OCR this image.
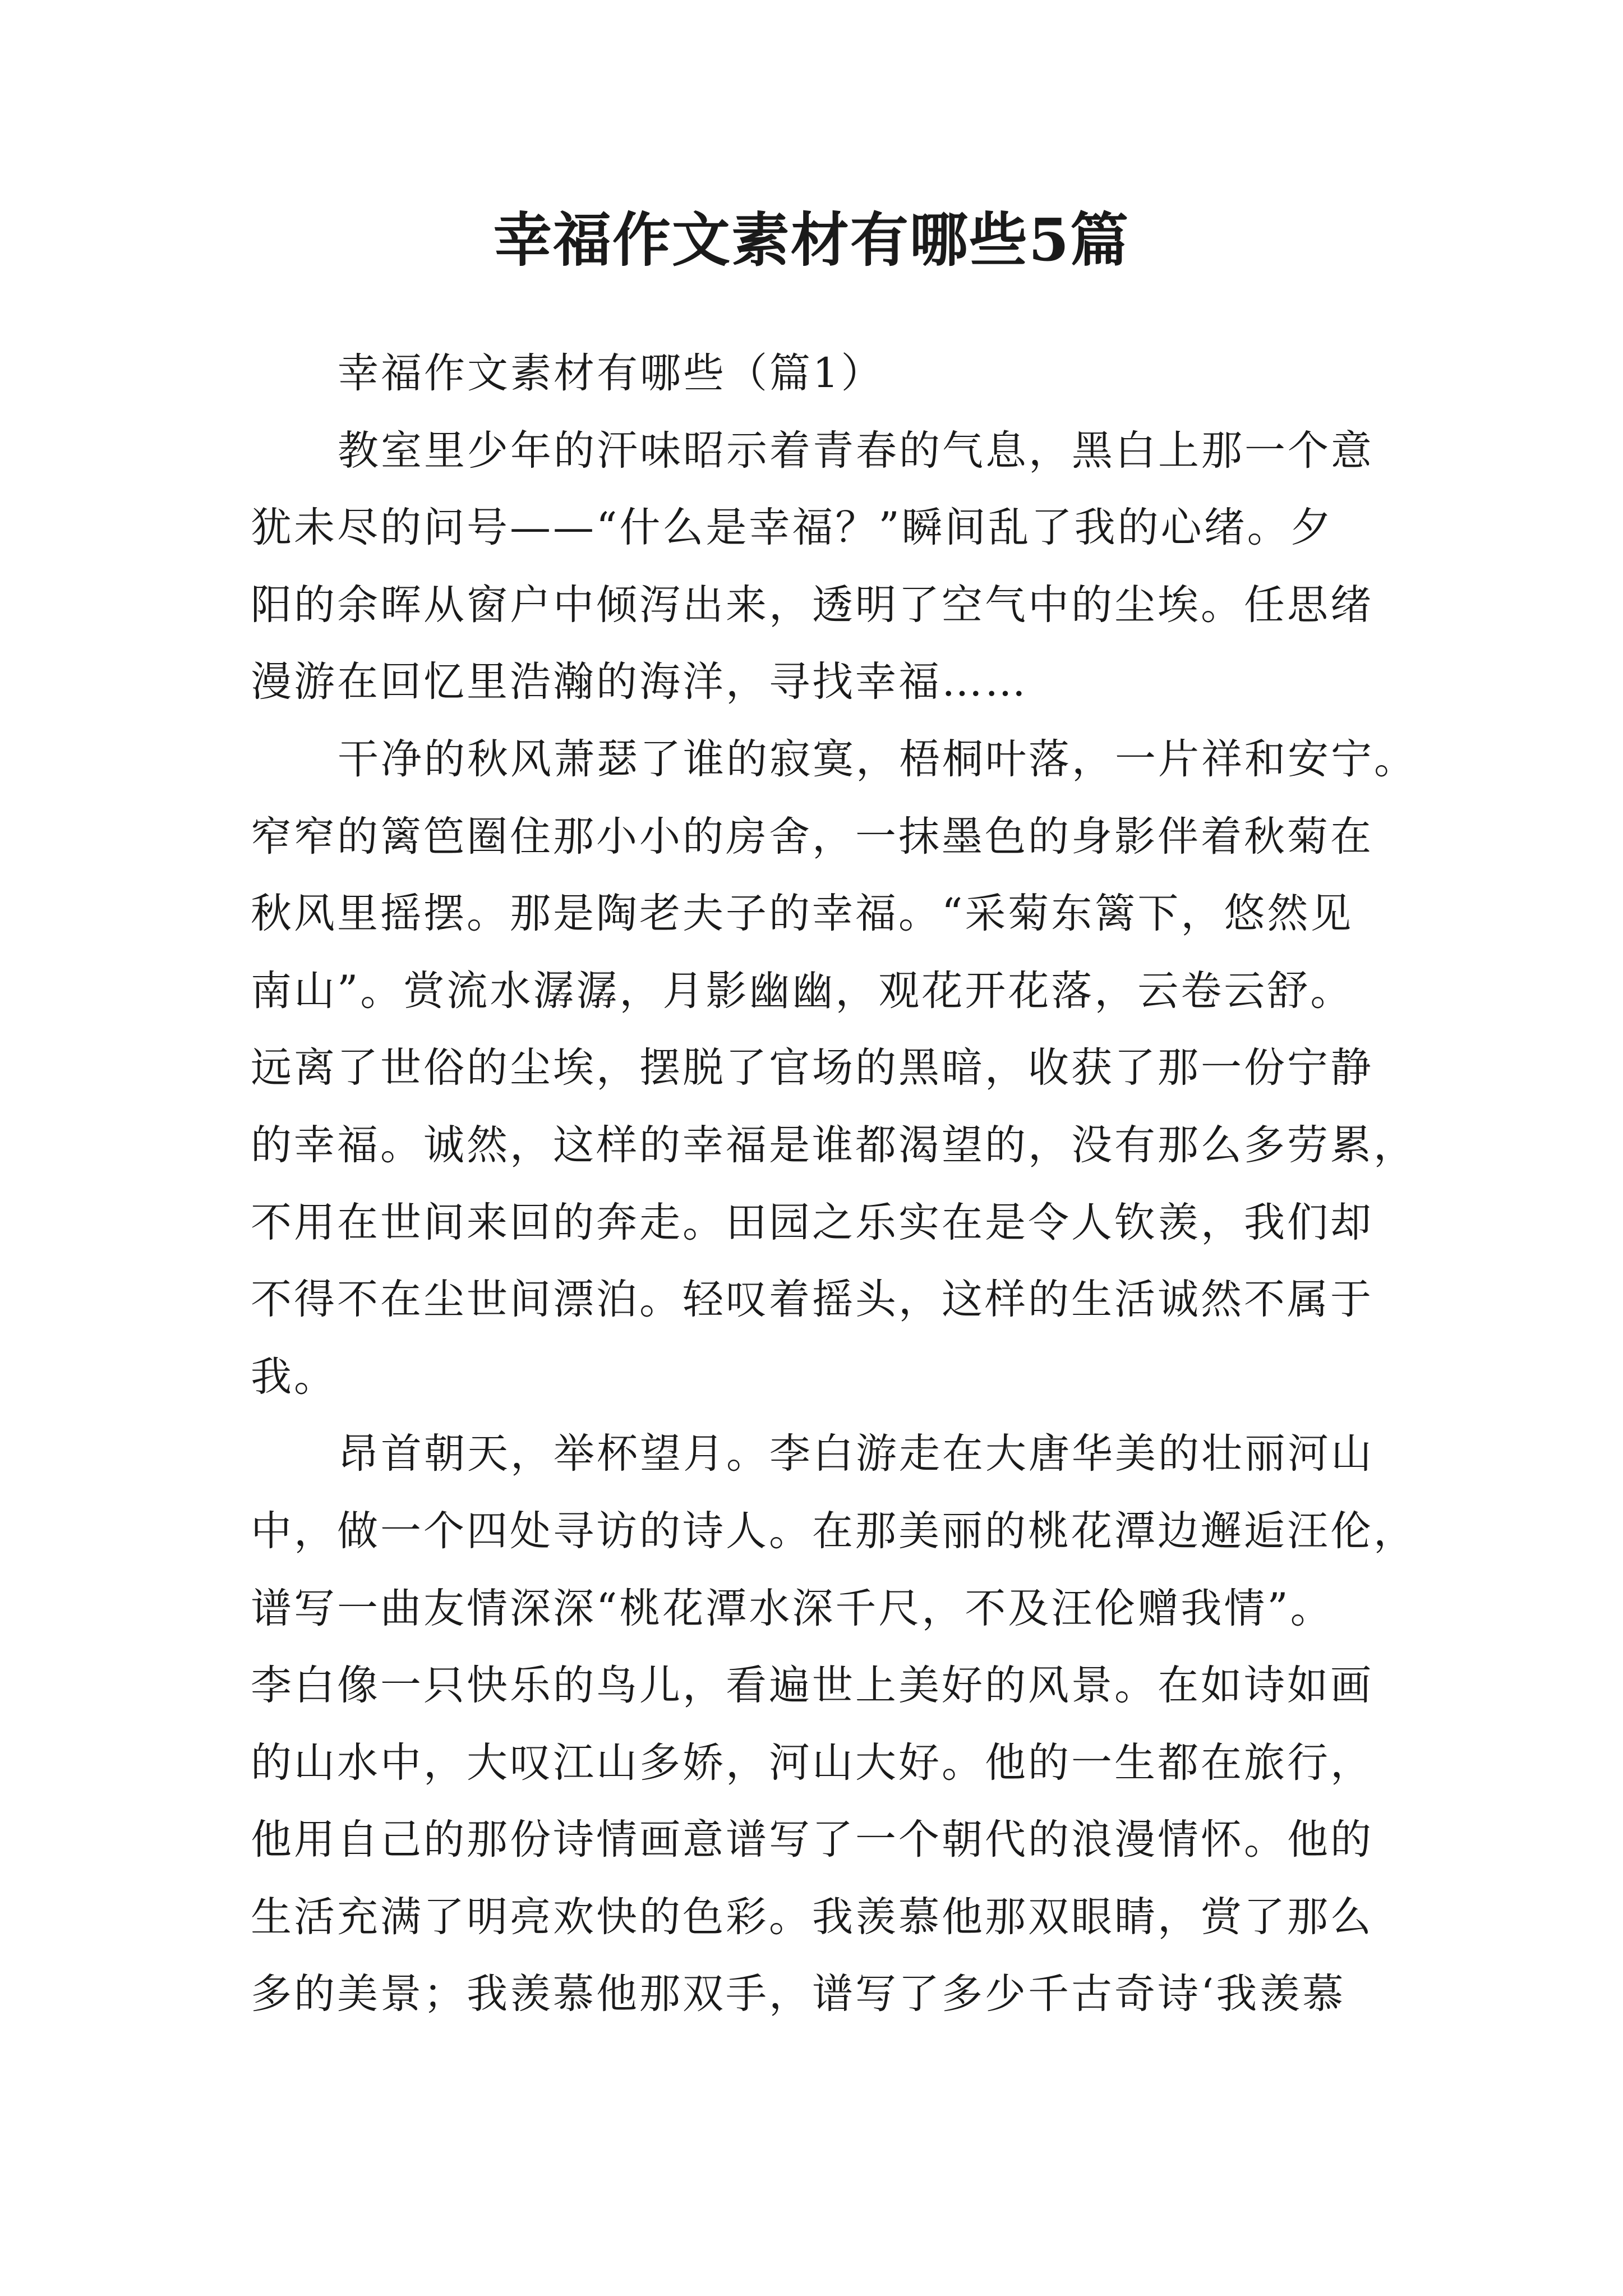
幸福作文素材有哪些5篇
幸福作文素材有哪些（篇1）
教室里少年的汗味昭示着青春的气息，黑白上那一个意
犹未尽的问号——“什么是幸福？”瞬间乱了我的心绪。夕
阳的余晖从窗户中倾泻出来，透明了空气中的尘埃。任思绪
漫游在回忆里浩瀚的海洋，寻找幸福……
干净的秋风萧瑟了谁的寂寞，梧桐叶落，一片祥和安宁。
窄窄的篱笆圈住那小小的房舍，一抹墨色的身影伴着秋菊在
秋风里摇摆。那是陶老夫子的幸福。“采菊东篱下，悠然见
南山”。赏流水潺潺，月影幽幽，观花开花落，云卷云舒。
远离了世俗的尘埃，摆脱了官场的黑暗，收获了那一份宁静
的幸福。诚然，这样的幸福是谁都渴望的，没有那么多劳累，
不用在世间来回的奔走。田园之乐实在是令人钦羡，我们却
不得不在尘世间漂泊。轻叹着摇头，这样的生活诚然不属于
我。
昂首朝天，举杯望月。李白游走在大唐华美的壮丽河山
中，做一个四处寻访的诗人。在那美丽的桃花潭边邂逅汪伦，
谱写一曲友情深深“桃花潭水深千尺，不及汪伦赠我情”。
李白像一只快乐的鸟儿，看遍世上美好的风景。在如诗如画
的山水中，大叹江山多娇，河山大好。他的一生都在旅行，
他用自己的那份诗情画意谱写了一个朝代的浪漫情怀。他的
生活充满了明亮欢快的色彩。我羡慕他那双眼睛，赏了那么
多的美景；我羡慕他那双手，谱写了多少千古奇诗‘我羡慕
